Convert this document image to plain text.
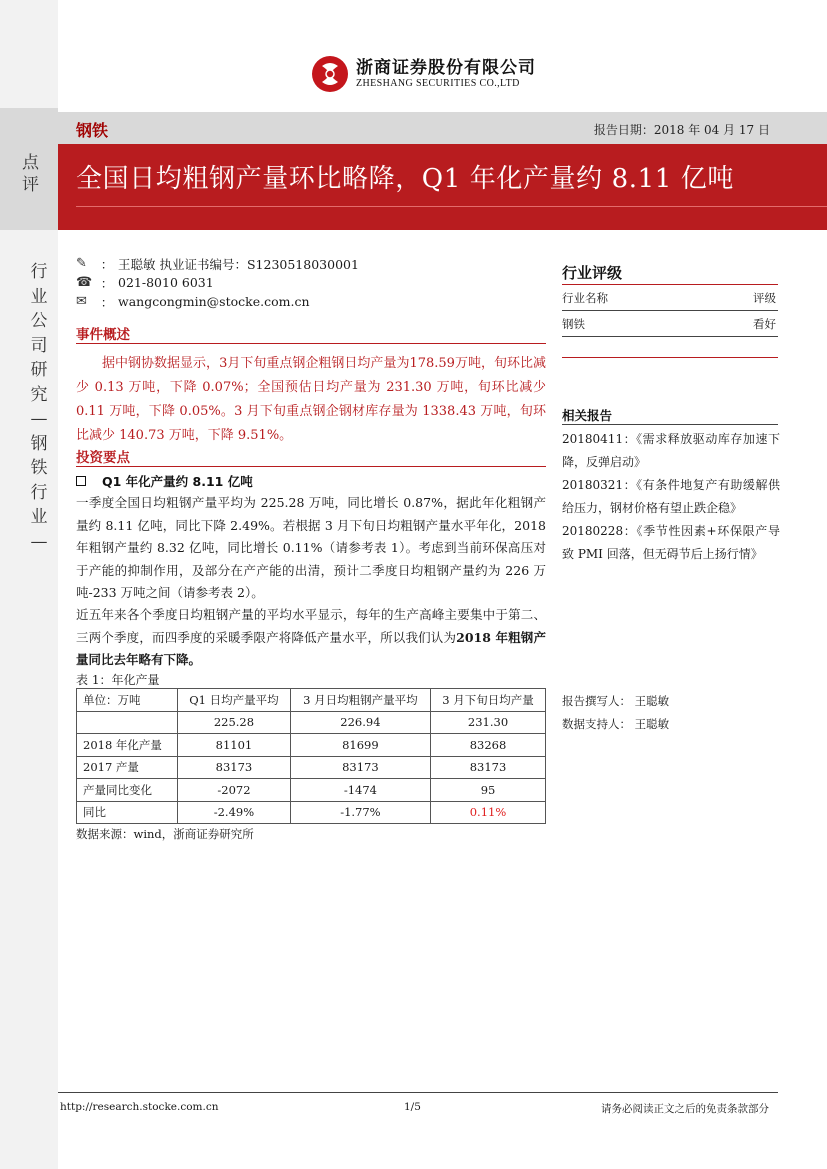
点评
行业公司研究—钢铁行业—
浙商证券股份有限公司
ZHESHANG SECURITIES CO.,LTD
钢铁	报告日期：2018 年 04 月 17 日
全国日均粗钢产量环比略降，Q1 年化产量约 8.11 亿吨
✎	： 王聪敏 执业证书编号：S1230518030001
☎ ： 021-8010 6031
✉	： wangcongmin@stocke.com.cn
事件概述
据中钢协数据显示，3月下旬重点钢企粗钢日均产量为178.59万吨，旬环比减少 0.13 万吨，下降 0.07%；全国预估日均产量为 231.30 万吨，旬环比减少 0.11 万吨，下降 0.05%。3 月下旬重点钢企钢材库存量为 1338.43 万吨，旬环比减少 140.73 万吨，下降 9.51%。
投资要点
Q1 年化产量约 8.11 亿吨
一季度全国日均粗钢产量平均为 225.28 万吨，同比增长 0.87%，据此年化粗钢产量约 8.11 亿吨，同比下降 2.49%。若根据 3 月下旬日均粗钢产量水平年化，2018 年粗钢产量约 8.32 亿吨，同比增长 0.11%（请参考表 1）。考虑到当前环保高压对于产能的抑制作用，及部分在产产能的出清，预计二季度日均粗钢产量约为 226 万吨-233 万吨之间（请参考表 2）。
近五年来各个季度日均粗钢产量的平均水平显示，每年的生产高峰主要集中于第二、三两个季度，而四季度的采暖季限产将降低产量水平，所以我们认为2018 年粗钢产量同比去年略有下降。
表 1：年化产量
单位：万吨	Q1 日均产量平均	3 月日均粗钢产量平均	3 月下旬日均产量
	225.28	226.94	231.30
2018 年化产量	81101	81699	83268
2017 产量	83173	83173	83173
产量同比变化	-2072	-1474	95
同比	-2.49%	-1.77%	0.11%
数据来源：wind，浙商证券研究所
行业评级
行业名称	评级
钢铁	看好
相关报告
20180411：《需求释放驱动库存加速下降，反弹启动》
20180321：《有条件地复产有助缓解供给压力，钢材价格有望止跌企稳》
20180228：《季节性因素+环保限产导致 PMI 回落，但无碍节后上扬行情》
报告撰写人： 王聪敏
数据支持人： 王聪敏
http://research.stocke.com.cn	1/5	请务必阅读正文之后的免责条款部分
